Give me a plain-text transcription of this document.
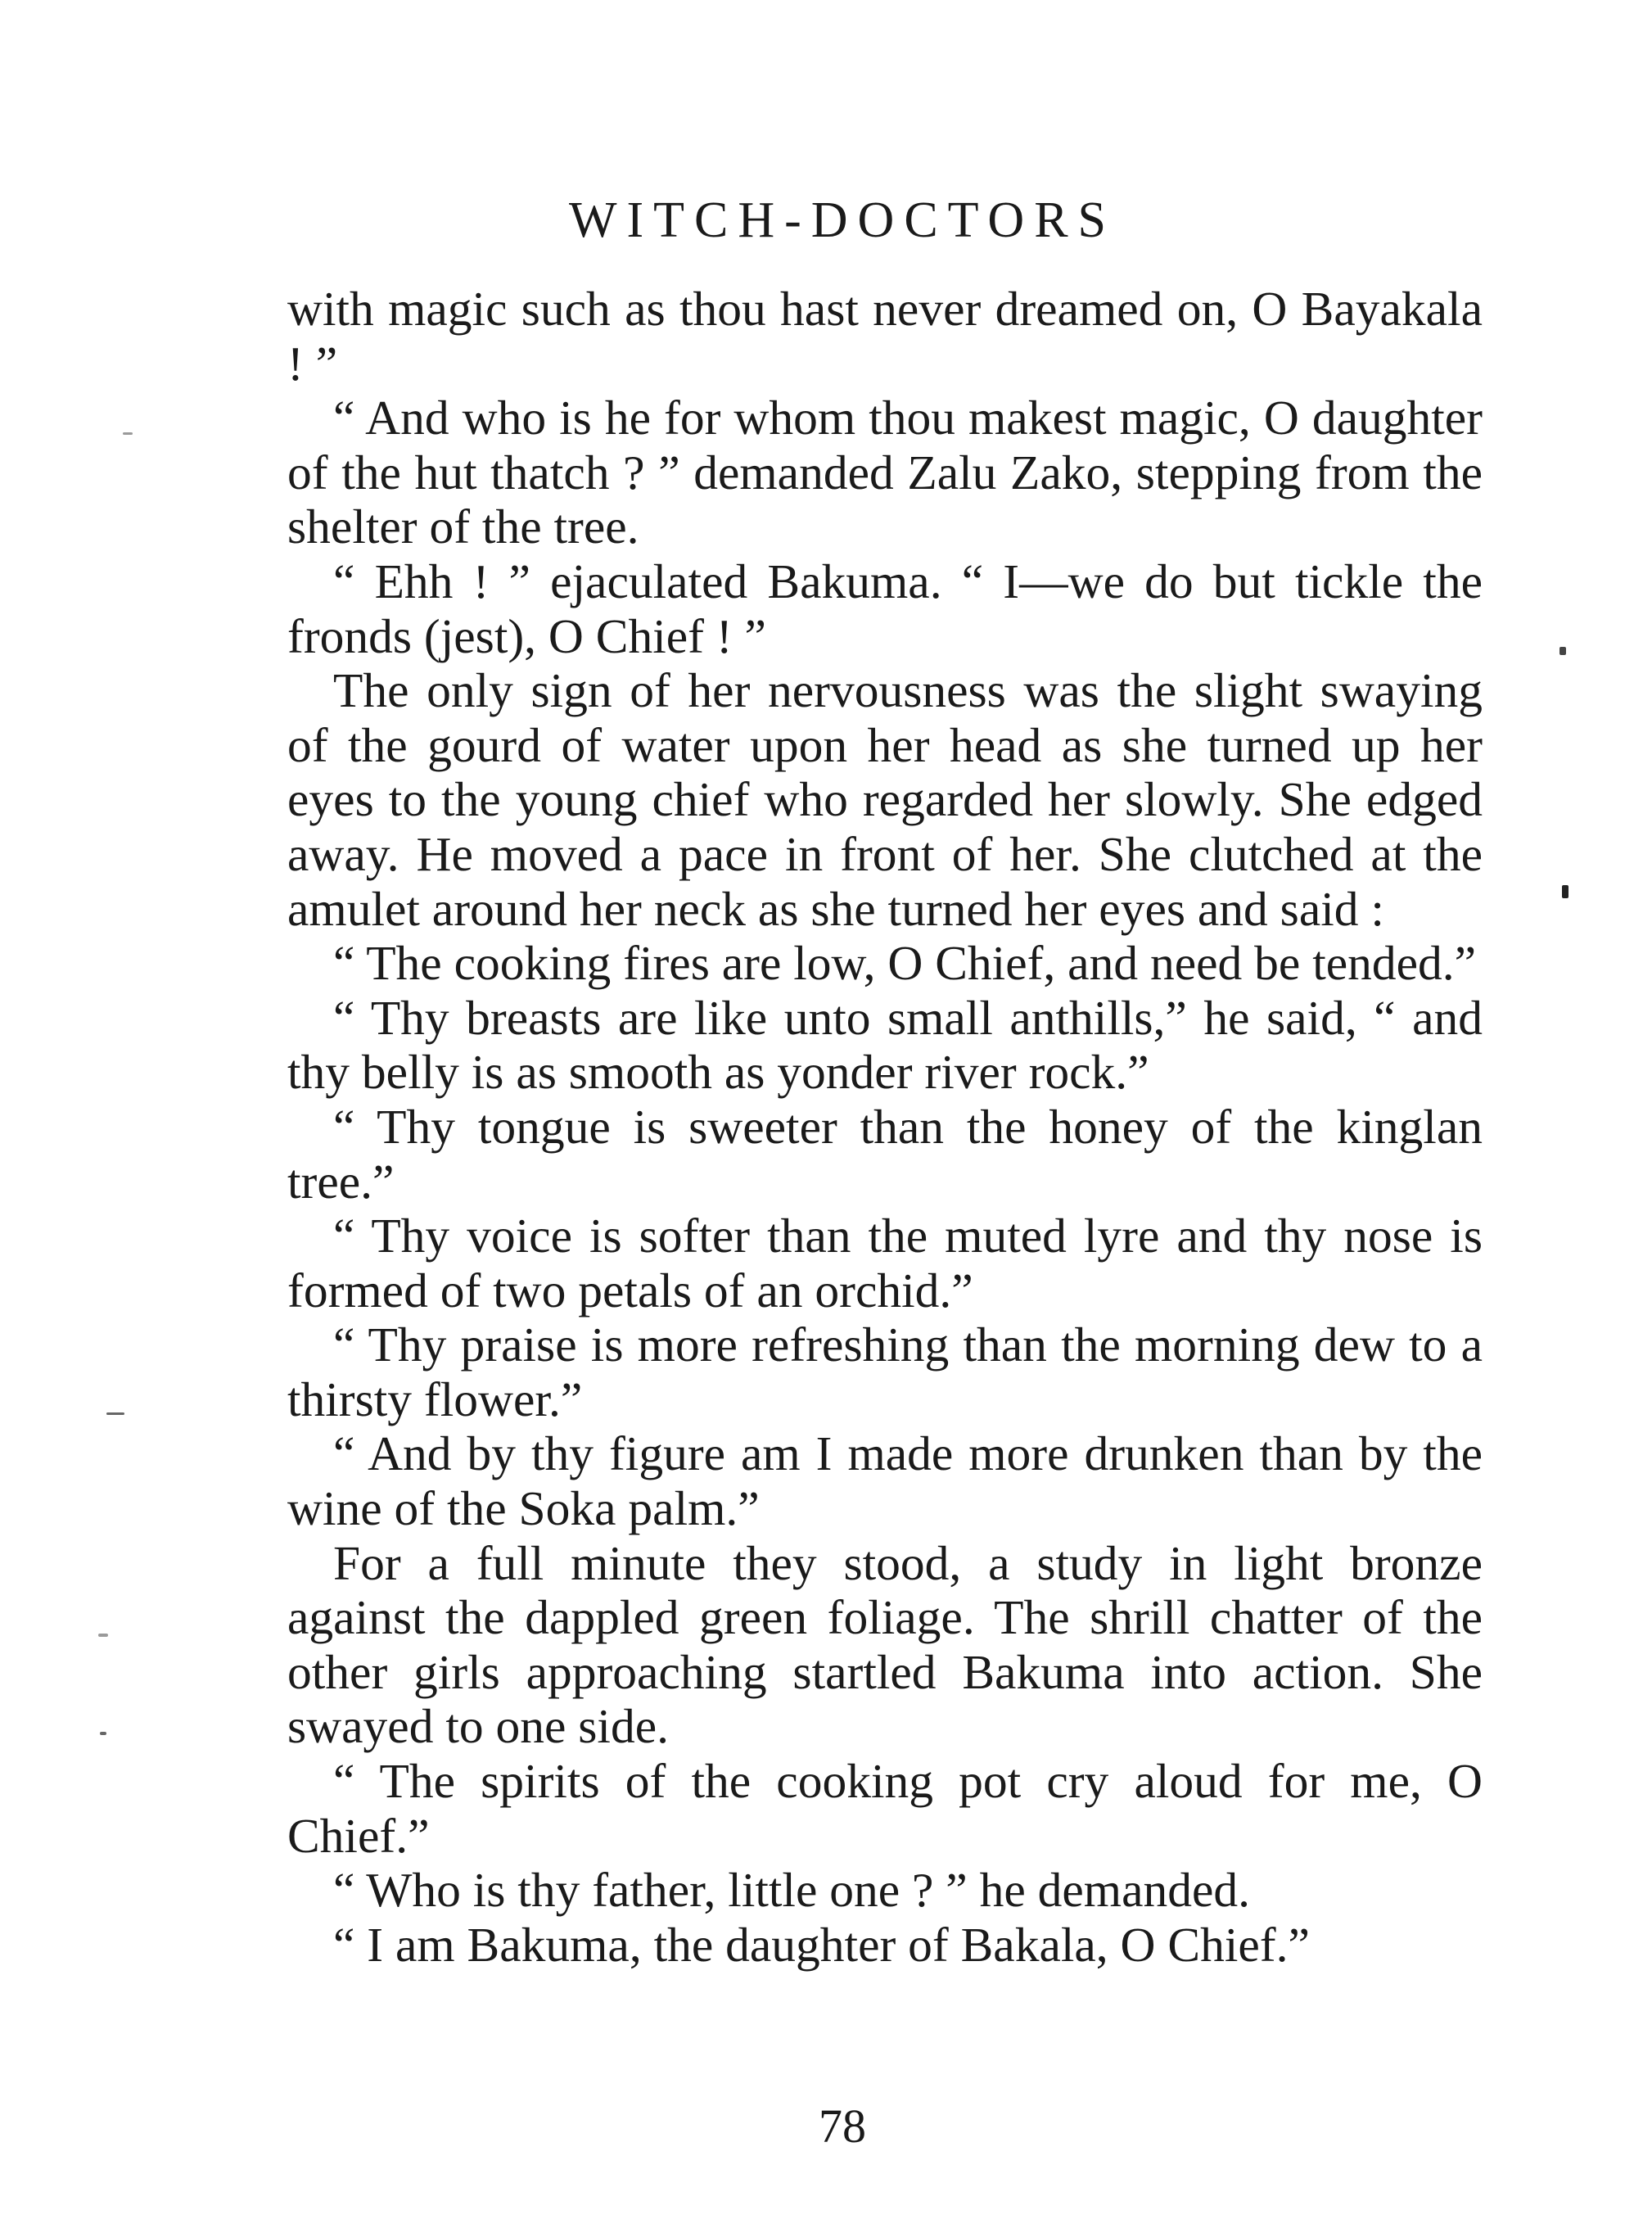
WITCH-DOCTORS

with magic such as thou hast never dreamed on, O Bayakala ! ”

“ And who is he for whom thou makest magic, O daughter of the hut thatch ? ” demanded Zalu Zako, stepping from the shelter of the tree.

“ Ehh ! ” ejaculated Bakuma. “ I—we do but tickle the fronds (jest), O Chief ! ”

The only sign of her nervousness was the slight swaying of the gourd of water upon her head as she turned up her eyes to the young chief who regarded her slowly. She edged away. He moved a pace in front of her. She clutched at the amulet around her neck as she turned her eyes and said :

“ The cooking fires are low, O Chief, and need be tended.”

“ Thy breasts are like unto small anthills,” he said, “ and thy belly is as smooth as yonder river rock.”

“ Thy tongue is sweeter than the honey of the kinglan tree.”

“ Thy voice is softer than the muted lyre and thy nose is formed of two petals of an orchid.”

“ Thy praise is more refreshing than the morning dew to a thirsty flower.”

“ And by thy figure am I made more drunken than by the wine of the Soka palm.”

For a full minute they stood, a study in light bronze against the dappled green foliage. The shrill chatter of the other girls approaching startled Bakuma into action. She swayed to one side.

“ The spirits of the cooking pot cry aloud for me, O Chief.”

“ Who is thy father, little one ? ” he demanded.

“ I am Bakuma, the daughter of Bakala, O Chief.”

78
